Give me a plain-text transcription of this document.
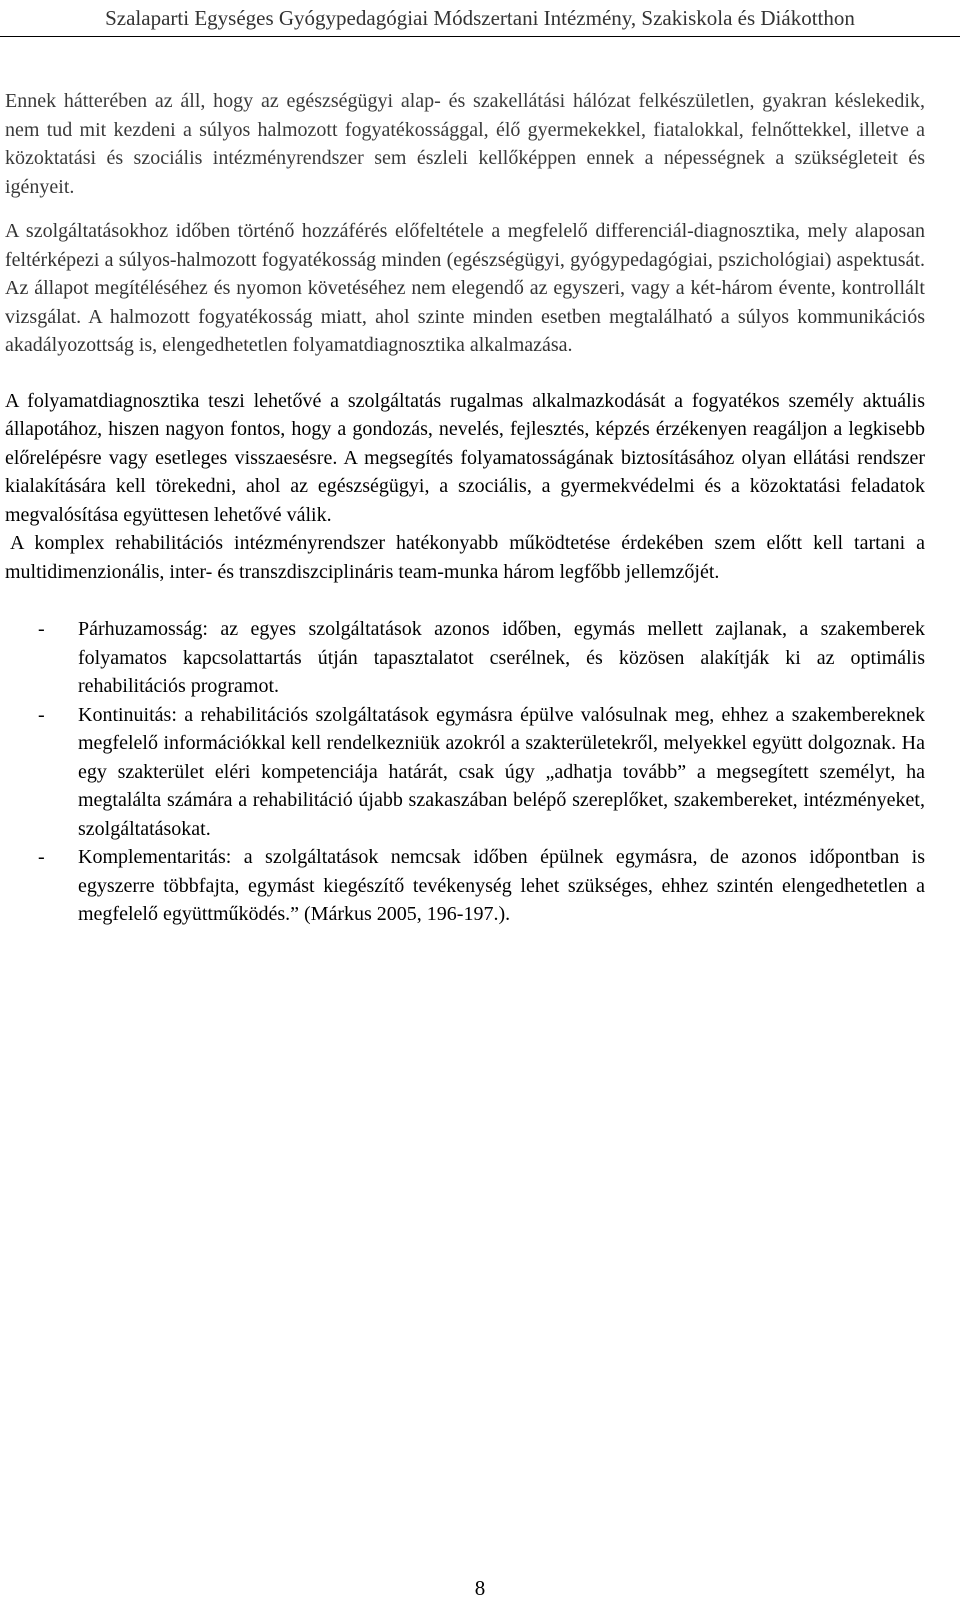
Szalaparti Egységes Gyógypedagógiai Módszertani Intézmény, Szakiskola és Diákotthon

Ennek hátterében az áll, hogy az egészségügyi alap- és szakellátási hálózat felkészületlen, gyakran késlekedik, nem tud mit kezdeni a súlyos halmozott fogyatékossággal, élő gyermekekkel, fiatalokkal, felnőttekkel, illetve a közoktatási és szociális intézményrendszer sem észleli kellőképpen ennek a népességnek a szükségleteit és igényeit.

A szolgáltatásokhoz időben történő hozzáférés előfeltétele a megfelelő differenciál-diagnosztika, mely alaposan feltérképezi a súlyos-halmozott fogyatékosság minden (egészségügyi, gyógypedagógiai, pszichológiai) aspektusát. Az állapot megítéléséhez és nyomon követéséhez nem elegendő az egyszeri, vagy a két-három évente, kontrollált vizsgálat. A halmozott fogyatékosság miatt, ahol szinte minden esetben megtalálható a súlyos kommunikációs akadályozottság is, elengedhetetlen folyamatdiagnosztika alkalmazása.

A folyamatdiagnosztika teszi lehetővé a szolgáltatás rugalmas alkalmazkodását a fogyatékos személy aktuális állapotához, hiszen nagyon fontos, hogy a gondozás, nevelés, fejlesztés, képzés érzékenyen reagáljon a legkisebb előrelépésre vagy esetleges visszaesésre. A megsegítés folyamatosságának biztosításához olyan ellátási rendszer kialakítására kell törekedni, ahol az egészségügyi, a szociális, a gyermekvédelmi és a közoktatási feladatok megvalósítása együttesen lehetővé válik.

A komplex rehabilitációs intézményrendszer hatékonyabb működtetése érdekében szem előtt kell tartani a multidimenzionális, inter- és transzdiszciplináris team-munka három legfőbb jellemzőjét.

- Párhuzamosság: az egyes szolgáltatások azonos időben, egymás mellett zajlanak, a szakemberek folyamatos kapcsolattartás útján tapasztalatot cserélnek, és közösen alakítják ki az optimális rehabilitációs programot.
- Kontinuitás: a rehabilitációs szolgáltatások egymásra épülve valósulnak meg, ehhez a szakembereknek megfelelő információkkal kell rendelkezniük azokról a szakterületekről, melyekkel együtt dolgoznak. Ha egy szakterület eléri kompetenciája határát, csak úgy „adhatja tovább” a megsegített személyt, ha megtalálta számára a rehabilitáció újabb szakaszában belépő szereplőket, szakembereket, intézményeket, szolgáltatásokat.
- Komplementaritás: a szolgáltatások nemcsak időben épülnek egymásra, de azonos időpontban is egyszerre többfajta, egymást kiegészítő tevékenység lehet szükséges, ehhez szintén elengedhetetlen a megfelelő együttműködés.” (Márkus 2005, 196-197.).
8
